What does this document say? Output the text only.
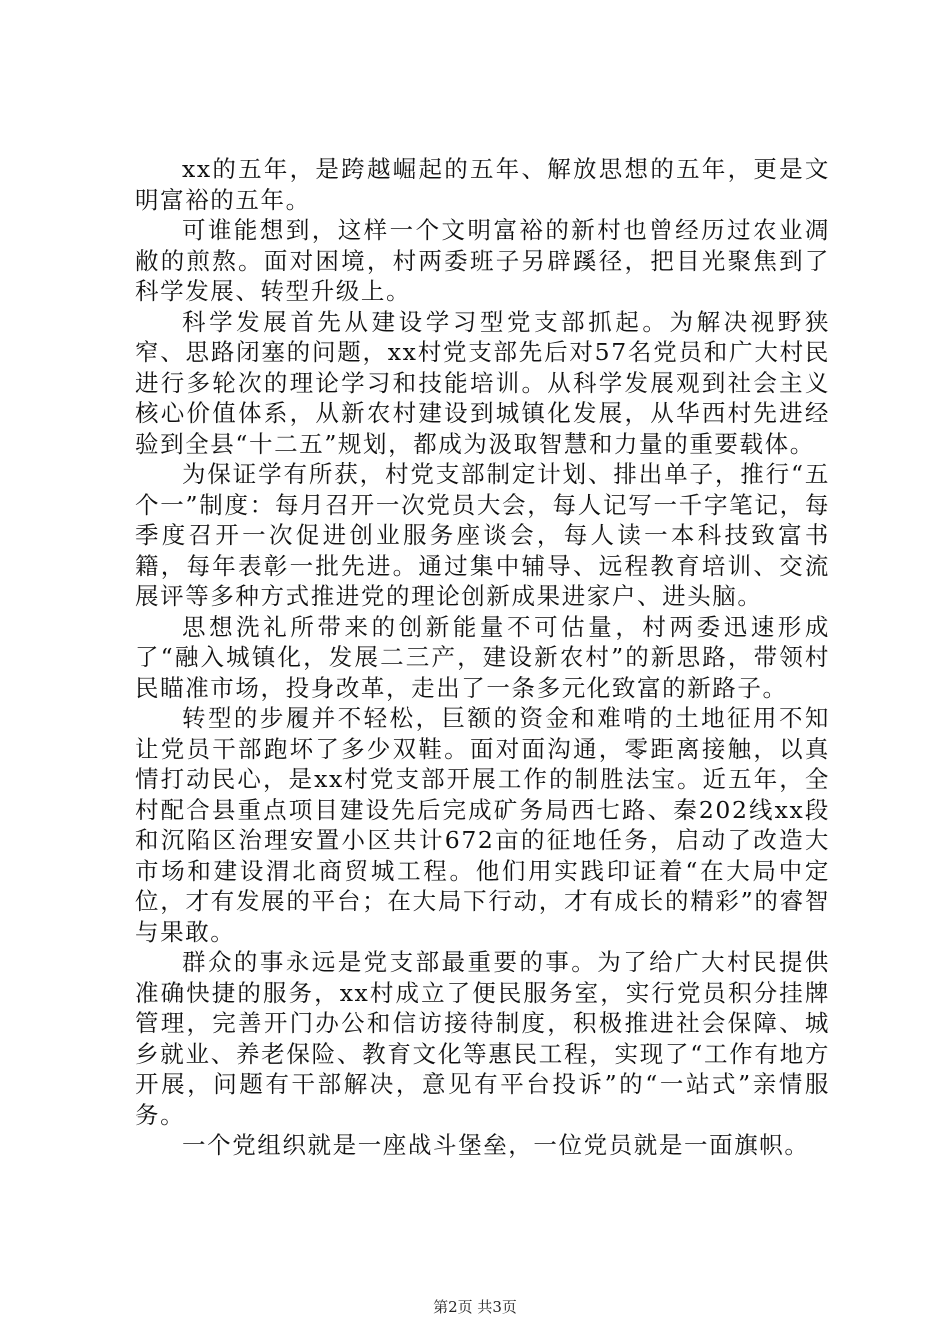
xx的五年，是跨越崛起的五年、解放思想的五年，更是文明富裕的五年。

可谁能想到，这样一个文明富裕的新村也曾经历过农业凋敝的煎熬。面对困境，村两委班子另辟蹊径，把目光聚焦到了科学发展、转型升级上。

科学发展首先从建设学习型党支部抓起。为解决视野狭窄、思路闭塞的问题，xx村党支部先后对57名党员和广大村民进行多轮次的理论学习和技能培训。从科学发展观到社会主义核心价值体系，从新农村建设到城镇化发展，从华西村先进经验到全县“十二五”规划，都成为汲取智慧和力量的重要载体。

为保证学有所获，村党支部制定计划、排出单子，推行“五个一”制度：每月召开一次党员大会，每人记写一千字笔记，每季度召开一次促进创业服务座谈会，每人读一本科技致富书籍，每年表彰一批先进。通过集中辅导、远程教育培训、交流展评等多种方式推进党的理论创新成果进家户、进头脑。

思想洗礼所带来的创新能量不可估量，村两委迅速形成了“融入城镇化，发展二三产，建设新农村”的新思路，带领村民瞄准市场，投身改革，走出了一条多元化致富的新路子。

转型的步履并不轻松，巨额的资金和难啃的土地征用不知让党员干部跑坏了多少双鞋。面对面沟通，零距离接触，以真情打动民心，是xx村党支部开展工作的制胜法宝。近五年，全村配合县重点项目建设先后完成矿务局西七路、秦202线xx段和沉陷区治理安置小区共计672亩的征地任务，启动了改造大市场和建设渭北商贸城工程。他们用实践印证着“在大局中定位，才有发展的平台；在大局下行动，才有成长的精彩”的睿智与果敢。

群众的事永远是党支部最重要的事。为了给广大村民提供准确快捷的服务，xx村成立了便民服务室，实行党员积分挂牌管理，完善开门办公和信访接待制度，积极推进社会保障、城乡就业、养老保险、教育文化等惠民工程，实现了“工作有地方开展，问题有干部解决，意见有平台投诉”的“一站式”亲情服务。

一个党组织就是一座战斗堡垒，一位党员就是一面旗帜。

第2页 共3页
